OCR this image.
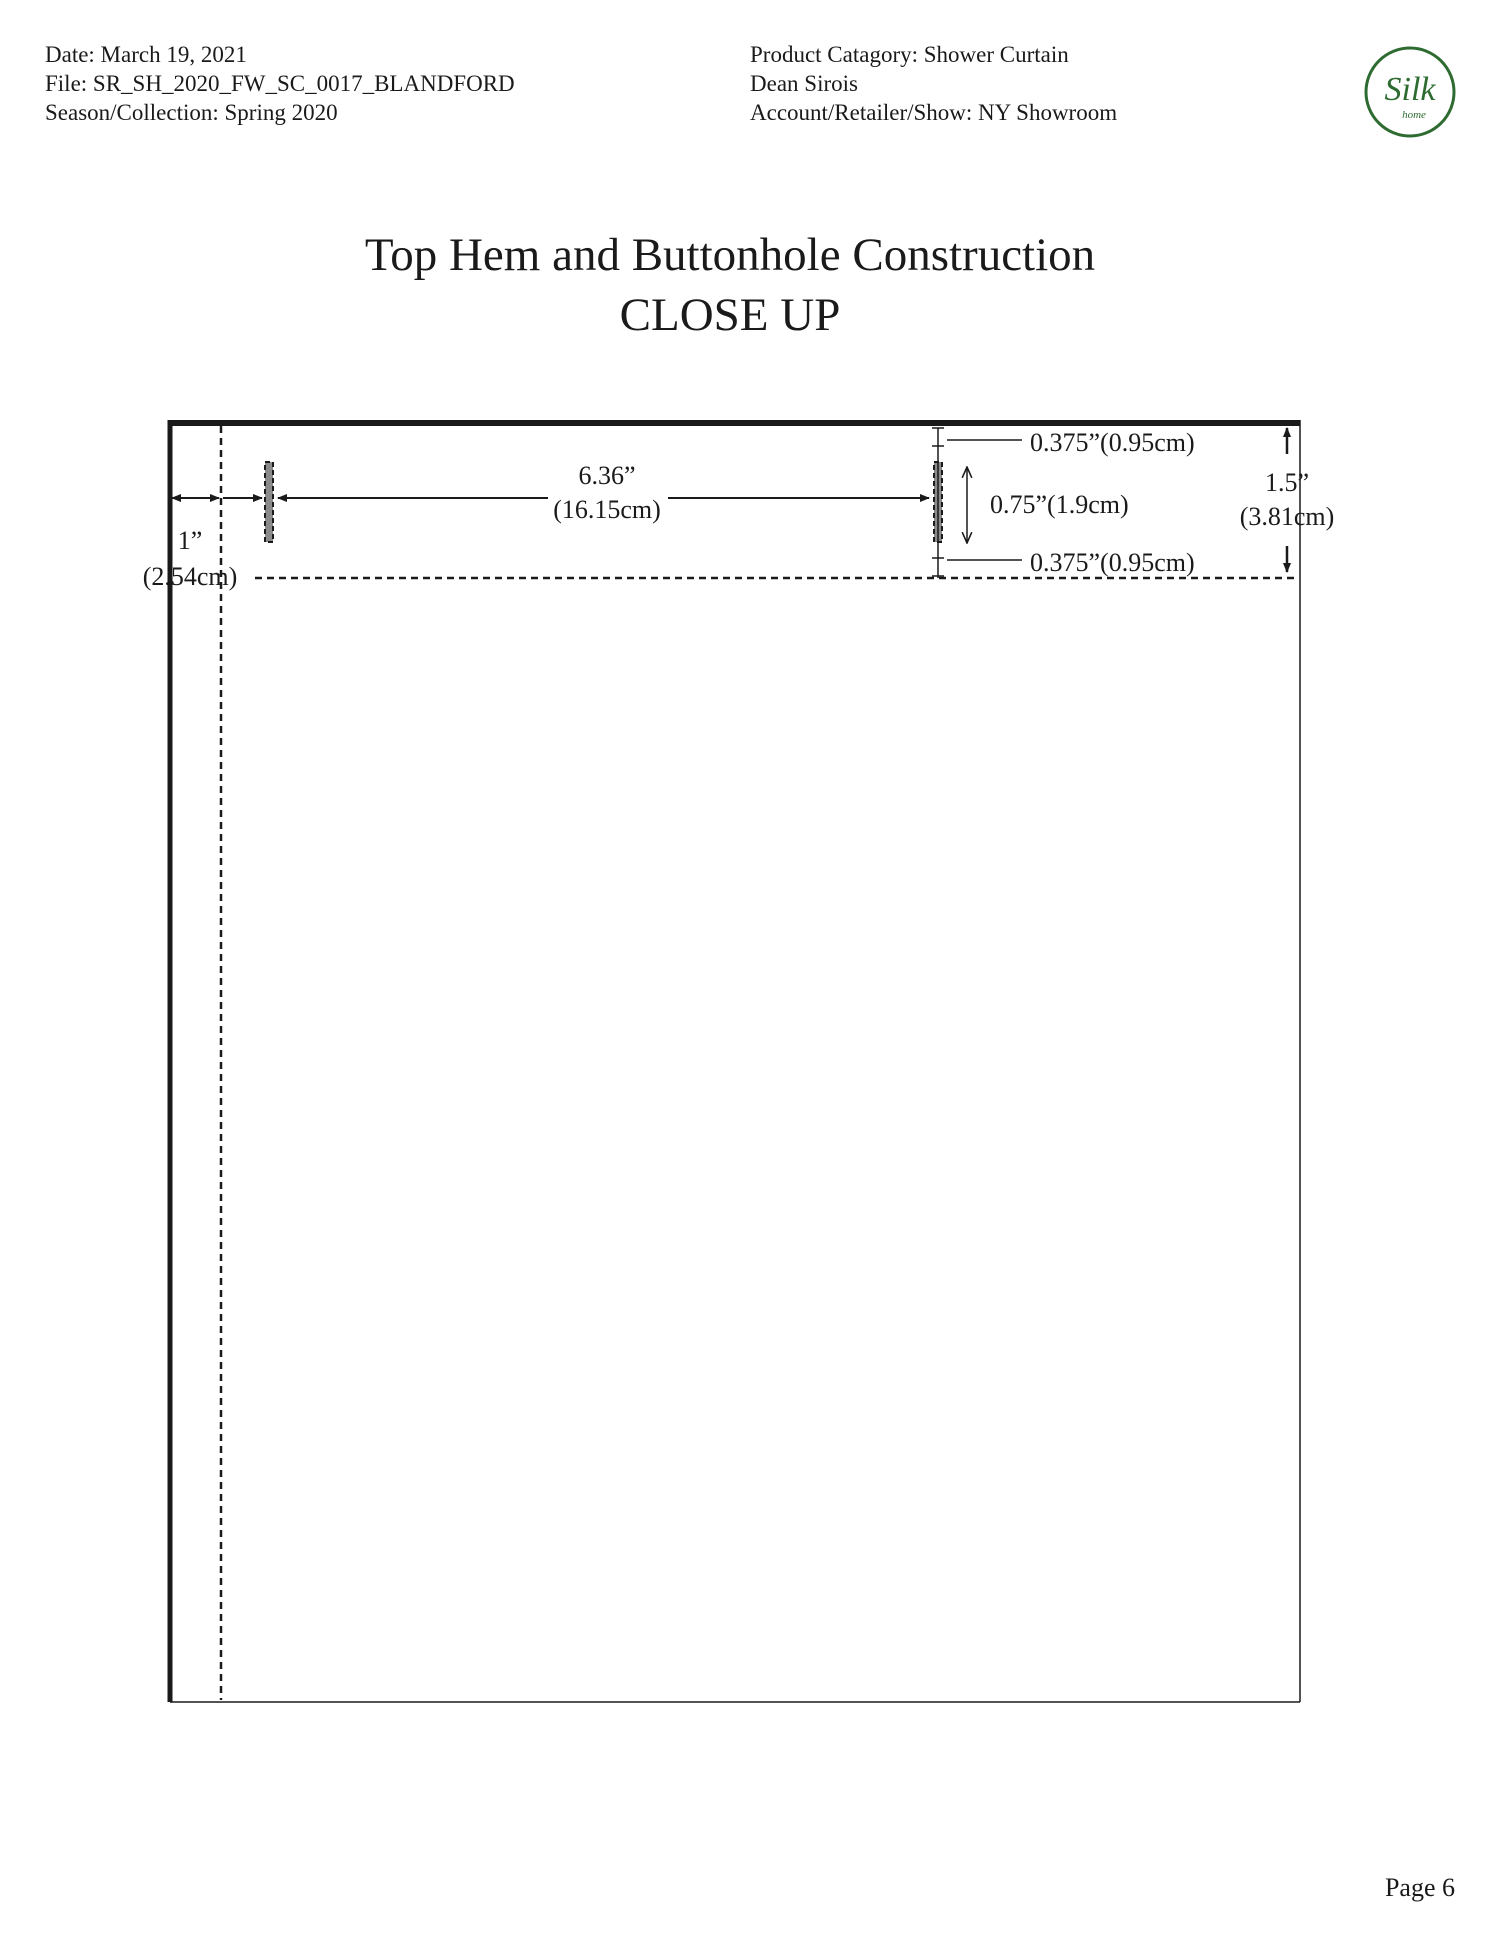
Date: March 19, 2021
File: SR_SH_2020_FW_SC_0017_BLANDFORD
Season/Collection: Spring 2020
Product Catagory: Shower Curtain
Dean Sirois
Account/Retailer/Show: NY Showroom
Silk
home
Top Hem and Buttonhole Construction
CLOSE UP
1”
(2.54cm)
6.36”
(16.15cm)
0.375”(0.95cm)
0.375”(0.95cm)
0.75”(1.9cm)
1.5”
(3.81cm)
Page 6
